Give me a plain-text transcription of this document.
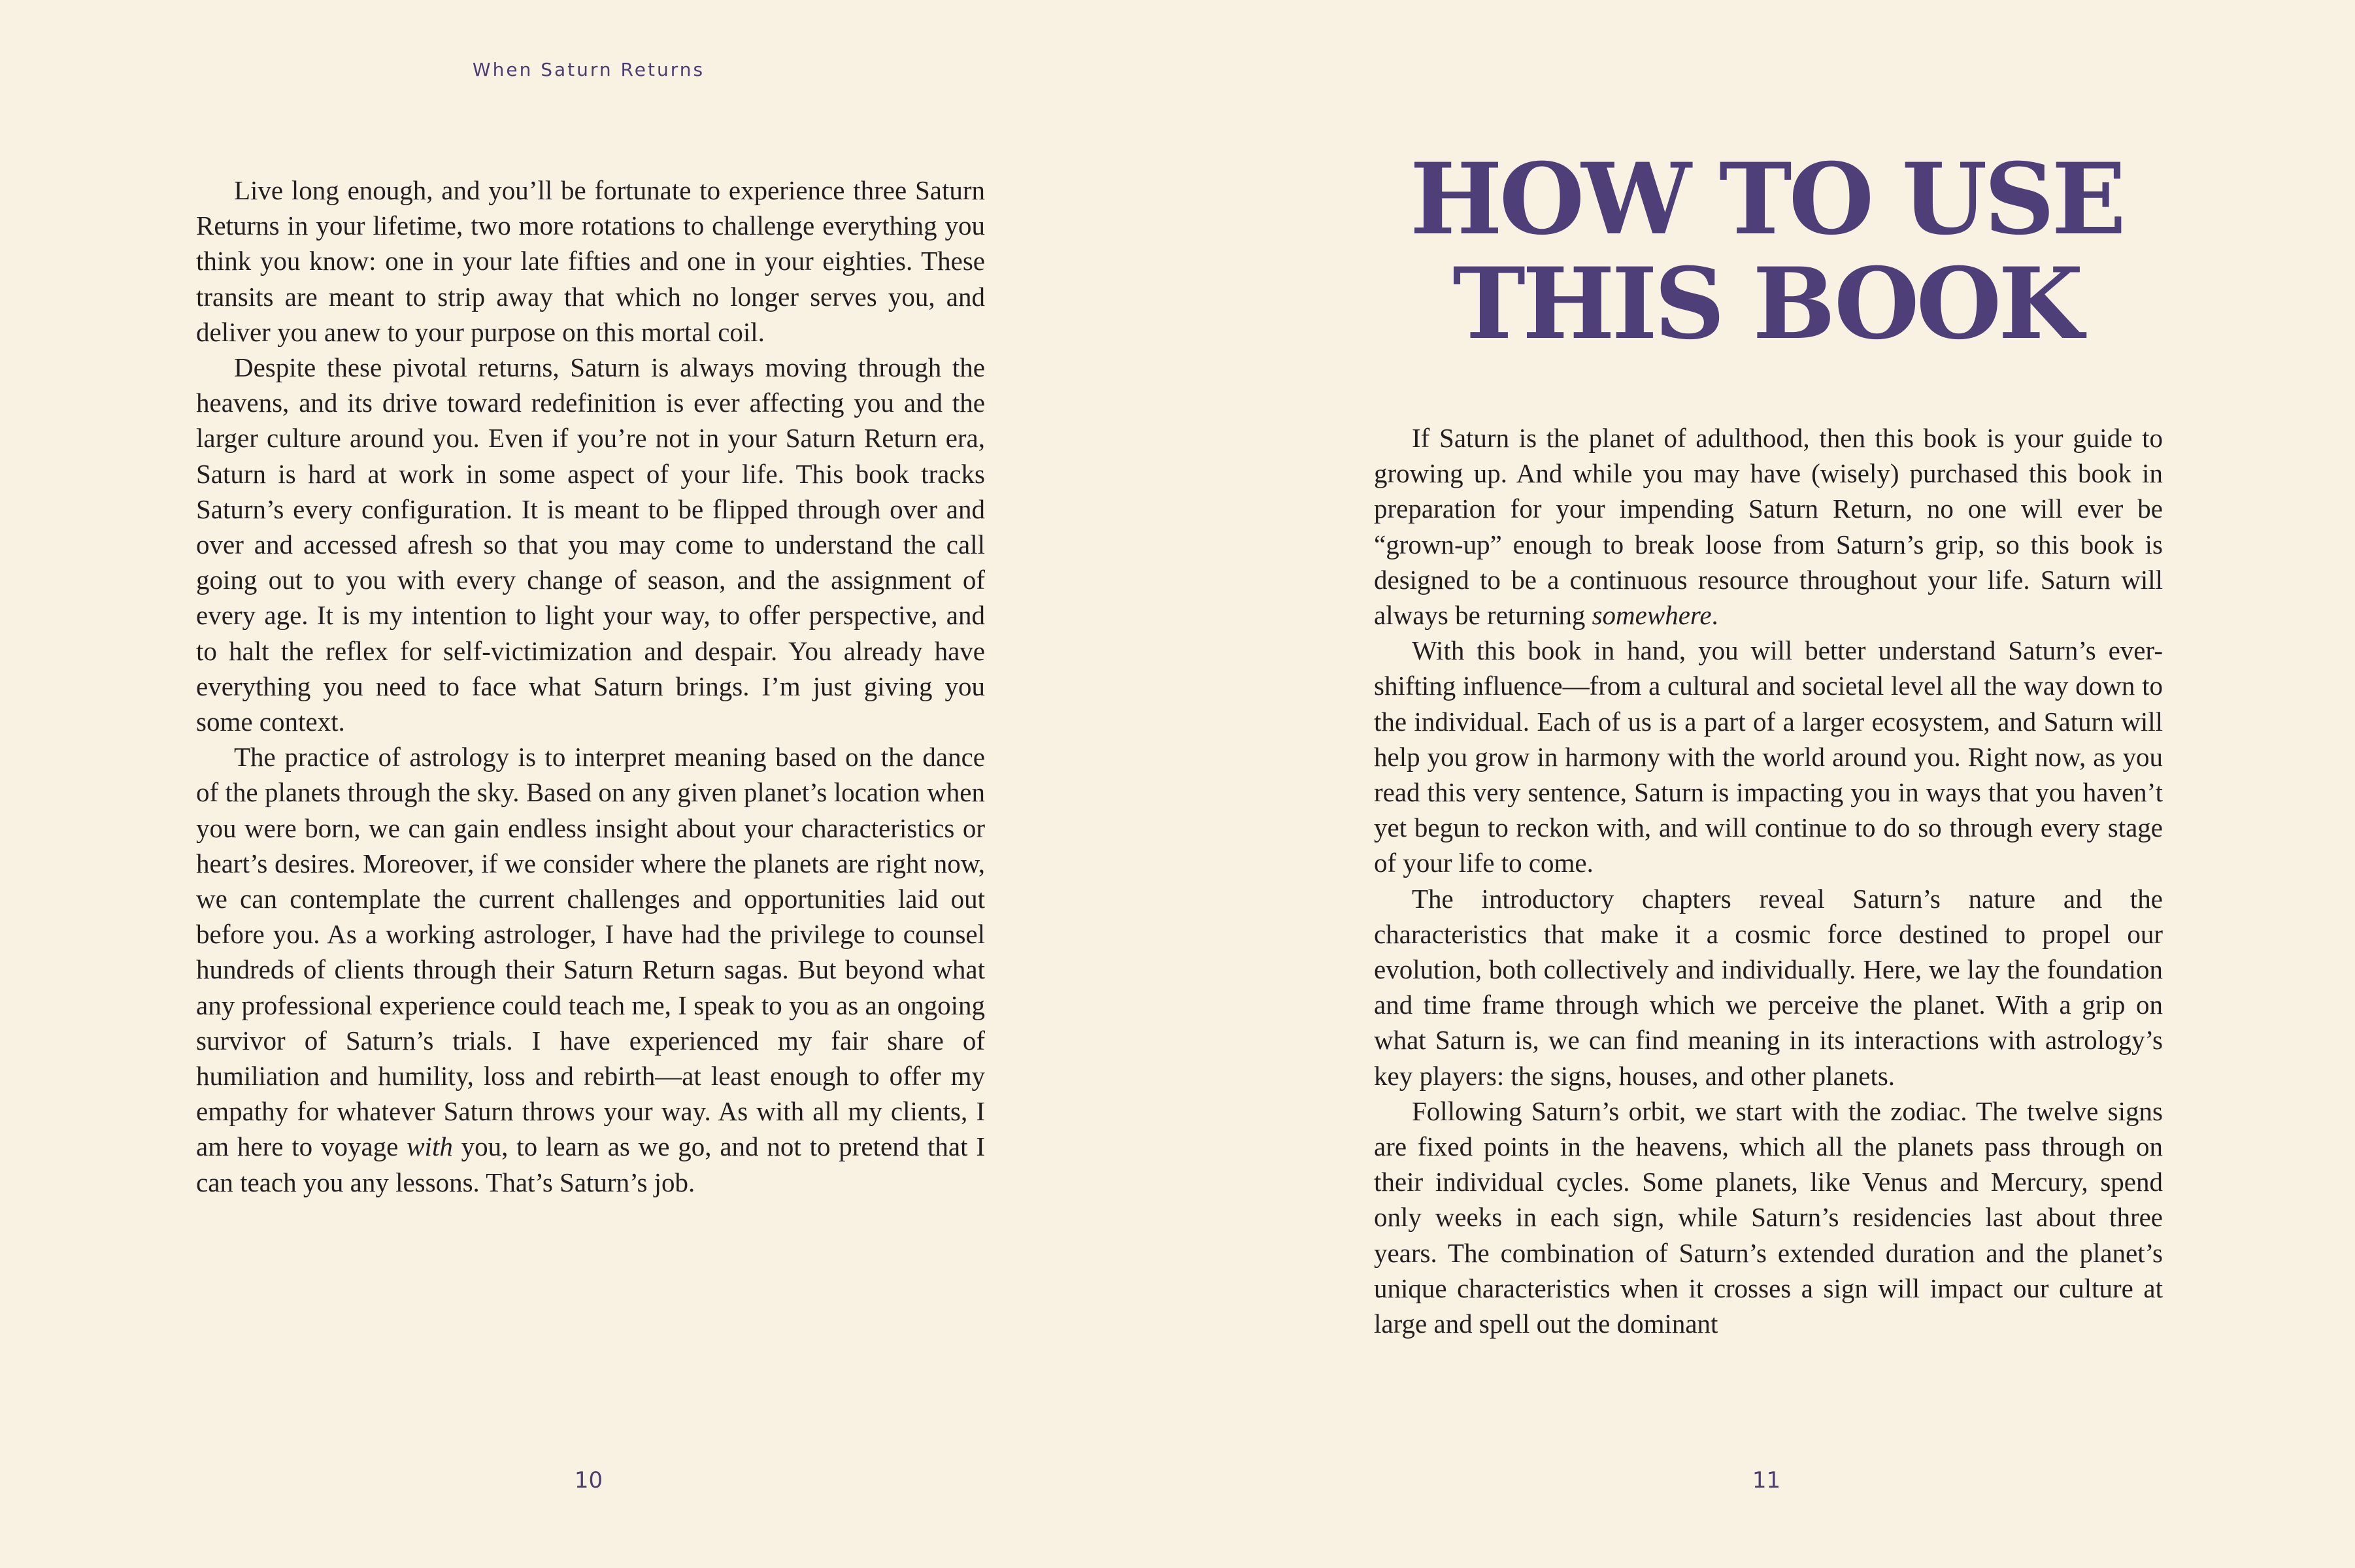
When Saturn Returns

Live long enough, and you’ll be fortunate to experience three Saturn Returns in your lifetime, two more rotations to challenge everything you think you know: one in your late fifties and one in your eighties. These transits are meant to strip away that which no longer serves you, and deliver you anew to your purpose on this mortal coil.

Despite these pivotal returns, Saturn is always moving through the heavens, and its drive toward redefinition is ever affecting you and the larger culture around you. Even if you’re not in your Saturn Return era, Saturn is hard at work in some aspect of your life. This book tracks Saturn’s every configuration. It is meant to be flipped through over and over and accessed afresh so that you may come to understand the call going out to you with every change of season, and the assignment of every age. It is my intention to light your way, to offer perspective, and to halt the reflex for self-victimization and despair. You already have everything you need to face what Saturn brings. I’m just giving you some context.

The practice of astrology is to interpret meaning based on the dance of the planets through the sky. Based on any given planet’s location when you were born, we can gain endless insight about your characteristics or heart’s desires. Moreover, if we consider where the planets are right now, we can contemplate the current challenges and opportunities laid out before you. As a working astrologer, I have had the privilege to counsel hundreds of clients through their Saturn Return sagas. But beyond what any professional experience could teach me, I speak to you as an ongoing survivor of Saturn’s trials. I have experienced my fair share of humiliation and humility, loss and rebirth—at least enough to offer my empathy for whatever Saturn throws your way. As with all my clients, I am here to voyage with you, to learn as we go, and not to pretend that I can teach you any lessons. That’s Saturn’s job.

10
HOW TO USE
THIS BOOK

If Saturn is the planet of adulthood, then this book is your guide to growing up. And while you may have (wisely) purchased this book in preparation for your impending Saturn Return, no one will ever be “grown-up” enough to break loose from Saturn’s grip, so this book is designed to be a continuous resource throughout your life. Saturn will always be returning somewhere.

With this book in hand, you will better understand Saturn’s ever-shifting influence—from a cultural and societal level all the way down to the individual. Each of us is a part of a larger ecosystem, and Saturn will help you grow in harmony with the world around you. Right now, as you read this very sentence, Saturn is impacting you in ways that you haven’t yet begun to reckon with, and will continue to do so through every stage of your life to come.

The introductory chapters reveal Saturn’s nature and the characteristics that make it a cosmic force destined to propel our evolution, both collectively and individually. Here, we lay the foundation and time frame through which we perceive the planet. With a grip on what Saturn is, we can find meaning in its interactions with astrology’s key players: the signs, houses, and other planets.

Following Saturn’s orbit, we start with the zodiac. The twelve signs are fixed points in the heavens, which all the planets pass through on their individual cycles. Some planets, like Venus and Mercury, spend only weeks in each sign, while Saturn’s residencies last about three years. The combination of Saturn’s extended duration and the planet’s unique characteristics when it crosses a sign will impact our culture at large and spell out the dominant

11
